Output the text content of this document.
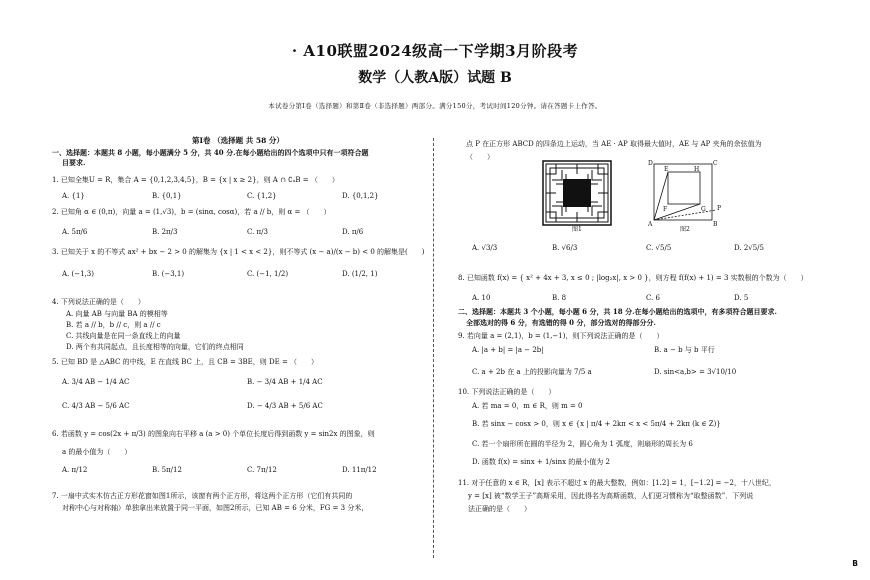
· A10联盟2024级高一下学期3月阶段考
数学（人教A版）试题 B
本试卷分第Ⅰ卷（选择题）和第Ⅱ卷（非选择题）两部分。满分150分，考试时间120分钟。请在答题卡上作答。
第Ⅰ卷 （选择题 共 58 分）
一、选择题：本题共 8 小题，每小题满分 5 分，共 40 分.在每小题给出的四个选项中只有一项符合题
目要求.
1. 已知全集U = R，集合 A = {0,1,2,3,4,5}，B = {x | x ≥ 2}，则 A ∩ ∁ᵤB = （　　）
A. {1}	B. {0,1}	C. {1,2}	D. {0,1,2}
2. 已知角 α ∈ (0,π)，向量 a = (1,√3)，b = (sinα, cosα)，若 a // b，则 α = （　　）
A. 5π/6	B. 2π/3	C. π/3	D. π/6
3. 已知关于 x 的不等式 ax² + bx − 2 > 0 的解集为 {x | 1 < x < 2}，则不等式 (x − a)/(x − b) < 0 的解集是(　　)
A. (−1,3)	B. (−3,1)	C. (−1, 1/2)	D. (1/2, 1)
4. 下列说法正确的是（　　）
A. 向量 AB 与向量 BA 的模相等
B. 若 a // b，b // c，则 a // c
C. 共线向量是在同一条直线上的向量
D. 两个有共同起点，且长度相等的向量，它们的终点相同
5. 已知 BD 是 △ABC 的中线，E 在直线 BC 上，且 CB = 3BE，则 DE = （　　）
A. 3/4 AB − 1/4 AC	B. − 3/4 AB + 1/4 AC
C. 4/3 AB − 5/6 AC	D. − 4/3 AB + 5/6 AC
6. 若函数 y = cos(2x + π/3) 的图象向右平移 a (a > 0) 个单位长度后得到函数 y = sin2x 的图象，则
a 的最小值为（　　）
A. π/12	B. 5π/12	C. 7π/12	D. 11π/12
7. 一扇中式实木仿古正方形花窗如图1所示，该窗有两个正方形，将这两个正方形（它们有共同的
对称中心与对称轴）单独拿出来放置于同一平面，如图2所示，已知 AB = 6 分米，FG = 3 分米，
点 P 在正方形 ABCD 的四条边上运动，当 AE · AP 取得最大值时，AE 与 AP 夹角的余弦值为
（　　）
图1
D	C
E	H
F	G
A	B
P
图2
A. √3/3	B. √6/3	C. √5/5	D. 2√5/5
8. 已知函数 f(x) = { x² + 4x + 3, x ≤ 0 ; |log₂x|, x > 0 }，则方程 f(f(x) + 1) = 3 实数根的个数为（　　）
A. 10	B. 8	C. 6	D. 5
二、选择题：本题共 3 个小题，每小题 6 分，共 18 分.在每小题给出的选项中，有多项符合题目要求.
全部选对的得 6 分，有选错的得 0 分，部分选对的得部分分.
9. 若向量 a = (2,1)，b = (1,−1)，则下列说法正确的是（　　）
A. |a + b| = |a − 2b|	B. a − b 与 b 平行
C. a + 2b 在 a 上的投影向量为 7/5 a	D. sin<a,b> = 3√10/10
10. 下列说法正确的是（　　）
A. 若 ma = 0，m ∈ R，则 m = 0
B. 若 sinx − cosx > 0，则 x ∈ {x | π/4 + 2kπ < x < 5π/4 + 2kπ (k ∈ Z)}
C. 若一个扇形所在圆的半径为 2，圆心角为 1 弧度，则扇形的周长为 6
D. 函数 f(x) = sinx + 1/sinx 的最小值为 2
11. 对于任意的 x ∈ R，[x] 表示不超过 x 的最大整数，例如：[1.2] = 1，[−1.2] = −2，十八世纪，
y = [x] 被“数学王子”高斯采用，因此得名为高斯函数，人们更习惯称为“取整函数”．下列说
法正确的是（　　）
B
